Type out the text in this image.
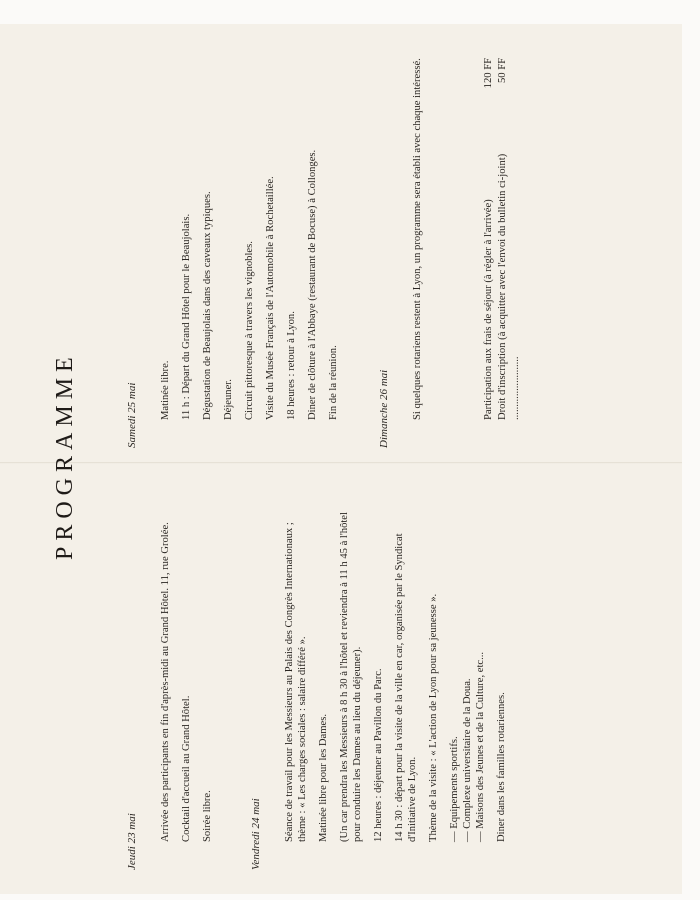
PROGRAMME

Jeudi 23 mai Arrivée des participants en fin d'après-midi au Grand Hôtel. 11, rue Grolée. Cocktail d'accueil au Grand Hôtel. Soirée libre.	Vendredi 24 mai Séance de travail pour les Messieurs au Palais des Congrès Internationaux ; thème : « Les charges sociales : salaire différé ». Matinée libre pour les Dames. (Un car prendra les Messieurs à 8 h 30 à l'hôtel et reviendra à 11 h 45 à l'hôtel pour conduire les Dames au lieu du déjeuner). 12 heures : déjeuner au Pavillon du Parc. 14 h 30 : départ pour la visite de la ville en car, organisée par le Syndicat d'Initiative de Lyon. Thème de la visite : « L'action de Lyon pour sa jeunesse ». — Equipements sportifs. — Complexe universitaire de la Doua. — Maisons des Jeunes et de la Culture, etc... Diner dans les familles rotariennes.

Samedi 25 mai Matinée libre. 11 h : Départ du Grand Hôtel pour le Beaujolais. Dégustation de Beaujolais dans des caveaux typiques. Déjeuner. Circuit pittoresque à travers les vignobles. Visite du Musée Français de l'Automobile à Rochetaillée. 18 heures : retour à Lyon. Diner de clôture à l'Abbaye (restaurant de Bocuse) à Collonges. Fin de la réunion.	Dimanche 26 mai Si quelques rotariens restent à Lyon, un programme sera établi avec chaque intéressé.	Participation aux frais de séjour (à régler à l'arrivée)	120 FF
Droit d'inscription (à acquitter avec l'envoi du bulletin ci-joint) ........................	50 FF
